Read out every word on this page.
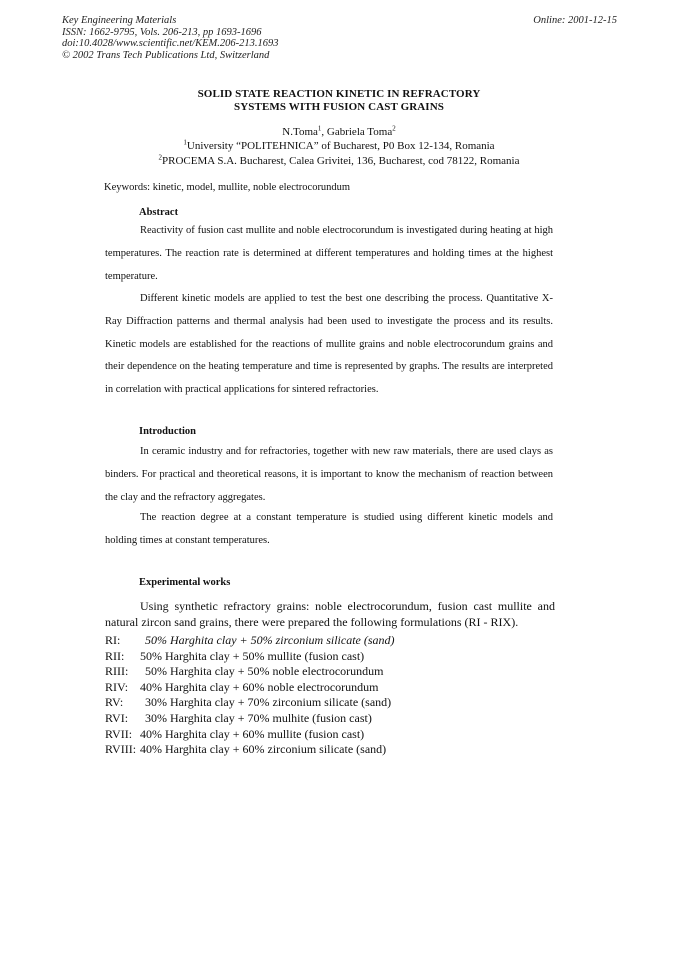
Key Engineering Materials
ISSN: 1662-9795, Vols. 206-213, pp 1693-1696
doi:10.4028/www.scientific.net/KEM.206-213.1693
© 2002 Trans Tech Publications Ltd, Switzerland
Online: 2001-12-15
SOLID STATE REACTION KINETIC IN REFRACTORY
SYSTEMS WITH FUSION CAST GRAINS
N.Toma$^1$, Gabriela Toma$^2$
$^1$University “POLITEHNICA” of Bucharest, P0 Box 12-134, Romania
$^2$PROCEMA S.A. Bucharest, Calea Grivitei, 136, Bucharest, cod 78122, Romania
Keywords: kinetic, model, mullite, noble electrocorundum
Abstract
Reactivity of fusion cast mullite and noble electrocorundum is investigated during heating at high temperatures. The reaction rate is determined at different temperatures and holding times at the highest temperature.
Different kinetic models are applied to test the best one describing the process. Quantitative X-Ray Diffraction patterns and thermal analysis had been used to investigate the process and its results. Kinetic models are established for the reactions of mullite grains and noble electrocorundum grains and their dependence on the heating temperature and time is represented by graphs. The results are interpreted in correlation with practical applications for sintered refractories.
Introduction
In ceramic industry and for refractories, together with new raw materials, there are used clays as binders. For practical and theoretical reasons, it is important to know the mechanism of reaction between the clay and the refractory aggregates.
The reaction degree at a constant temperature is studied using different kinetic models and holding times at constant temperatures.
Experimental works
Using synthetic refractory grains: noble electrocorundum, fusion cast mullite and natural zircon sand grains, there were prepared the following formulations (RI - RIX).
RI: 50% Harghita clay + 50% zirconium silicate (sand)
RII: 50% Harghita clay + 50% mullite (fusion cast)
RIII: 50% Harghita clay + 50% noble electrocorundum
RIV: 40% Harghita clay + 60% noble electrocorundum
RV: 30% Harghita clay + 70% zirconium silicate (sand)
RVI: 30% Harghita clay + 70% mulhite (fusion cast)
RVII: 40% Harghita clay + 60% mullite (fusion cast)
RVIII: 40% Harghita clay + 60% zirconium silicate (sand)
